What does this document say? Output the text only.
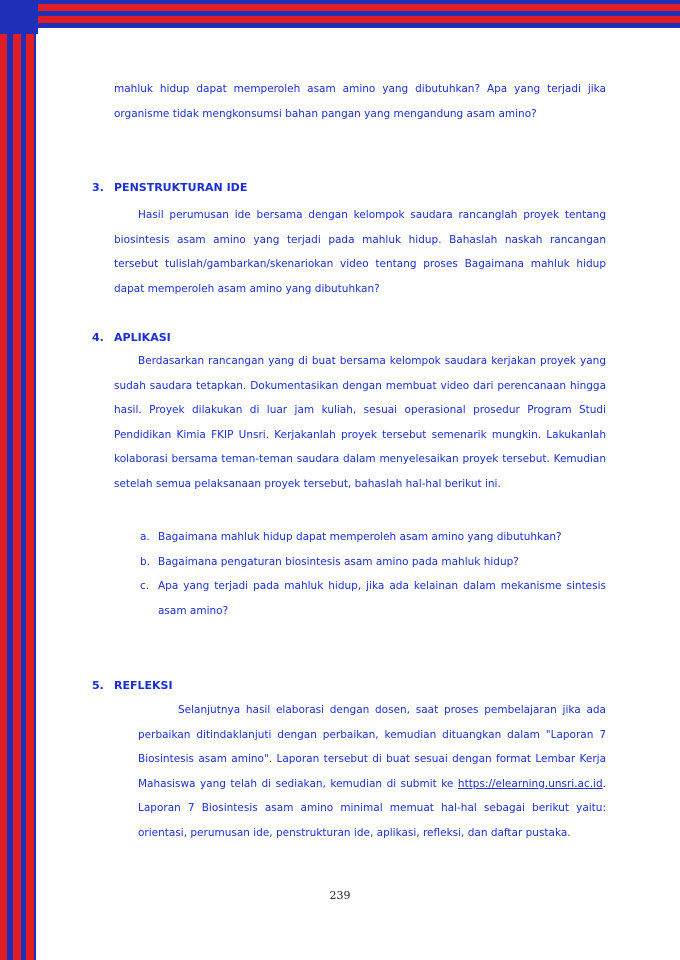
mahluk hidup dapat memperoleh asam amino yang dibutuhkan? Apa yang terjadi jika organisme tidak mengkonsumsi bahan pangan yang mengandung asam amino?

3. PENSTRUKTURAN IDE

Hasil perumusan ide bersama dengan kelompok saudara rancanglah proyek tentang biosintesis asam amino yang terjadi pada mahluk hidup. Bahaslah naskah rancangan tersebut tulislah/gambarkan/skenariokan video tentang proses Bagaimana mahluk hidup dapat memperoleh asam amino yang dibutuhkan?

4. APLIKASI

Berdasarkan rancangan yang di buat bersama kelompok saudara kerjakan proyek yang sudah saudara tetapkan. Dokumentasikan dengan membuat video dari perencanaan hingga hasil. Proyek dilakukan di luar jam kuliah, sesuai operasional prosedur Program Studi Pendidikan Kimia FKIP Unsri. Kerjakanlah proyek tersebut semenarik mungkin. Lakukanlah kolaborasi bersama teman-teman saudara dalam menyelesaikan proyek tersebut. Kemudian setelah semua pelaksanaan proyek tersebut, bahaslah hal-hal berikut ini.

a. Bagaimana mahluk hidup dapat memperoleh asam amino yang dibutuhkan?
b. Bagaimana pengaturan biosintesis asam amino pada mahluk hidup?
c. Apa yang terjadi pada mahluk hidup, jika ada kelainan dalam mekanisme sintesis asam amino?
5. REFLEKSI

Selanjutnya hasil elaborasi dengan dosen, saat proses pembelajaran jika ada perbaikan ditindaklanjuti dengan perbaikan, kemudian dituangkan dalam "Laporan 7 Biosintesis asam amino". Laporan tersebut di buat sesuai dengan format Lembar Kerja Mahasiswa yang telah di sediakan, kemudian di submit ke https://elearning.unsri.ac.id. Laporan 7 Biosintesis asam amino minimal memuat hal-hal sebagai berikut yaitu: orientasi, perumusan ide, penstrukturan ide, aplikasi, refleksi, dan daftar pustaka.

239
